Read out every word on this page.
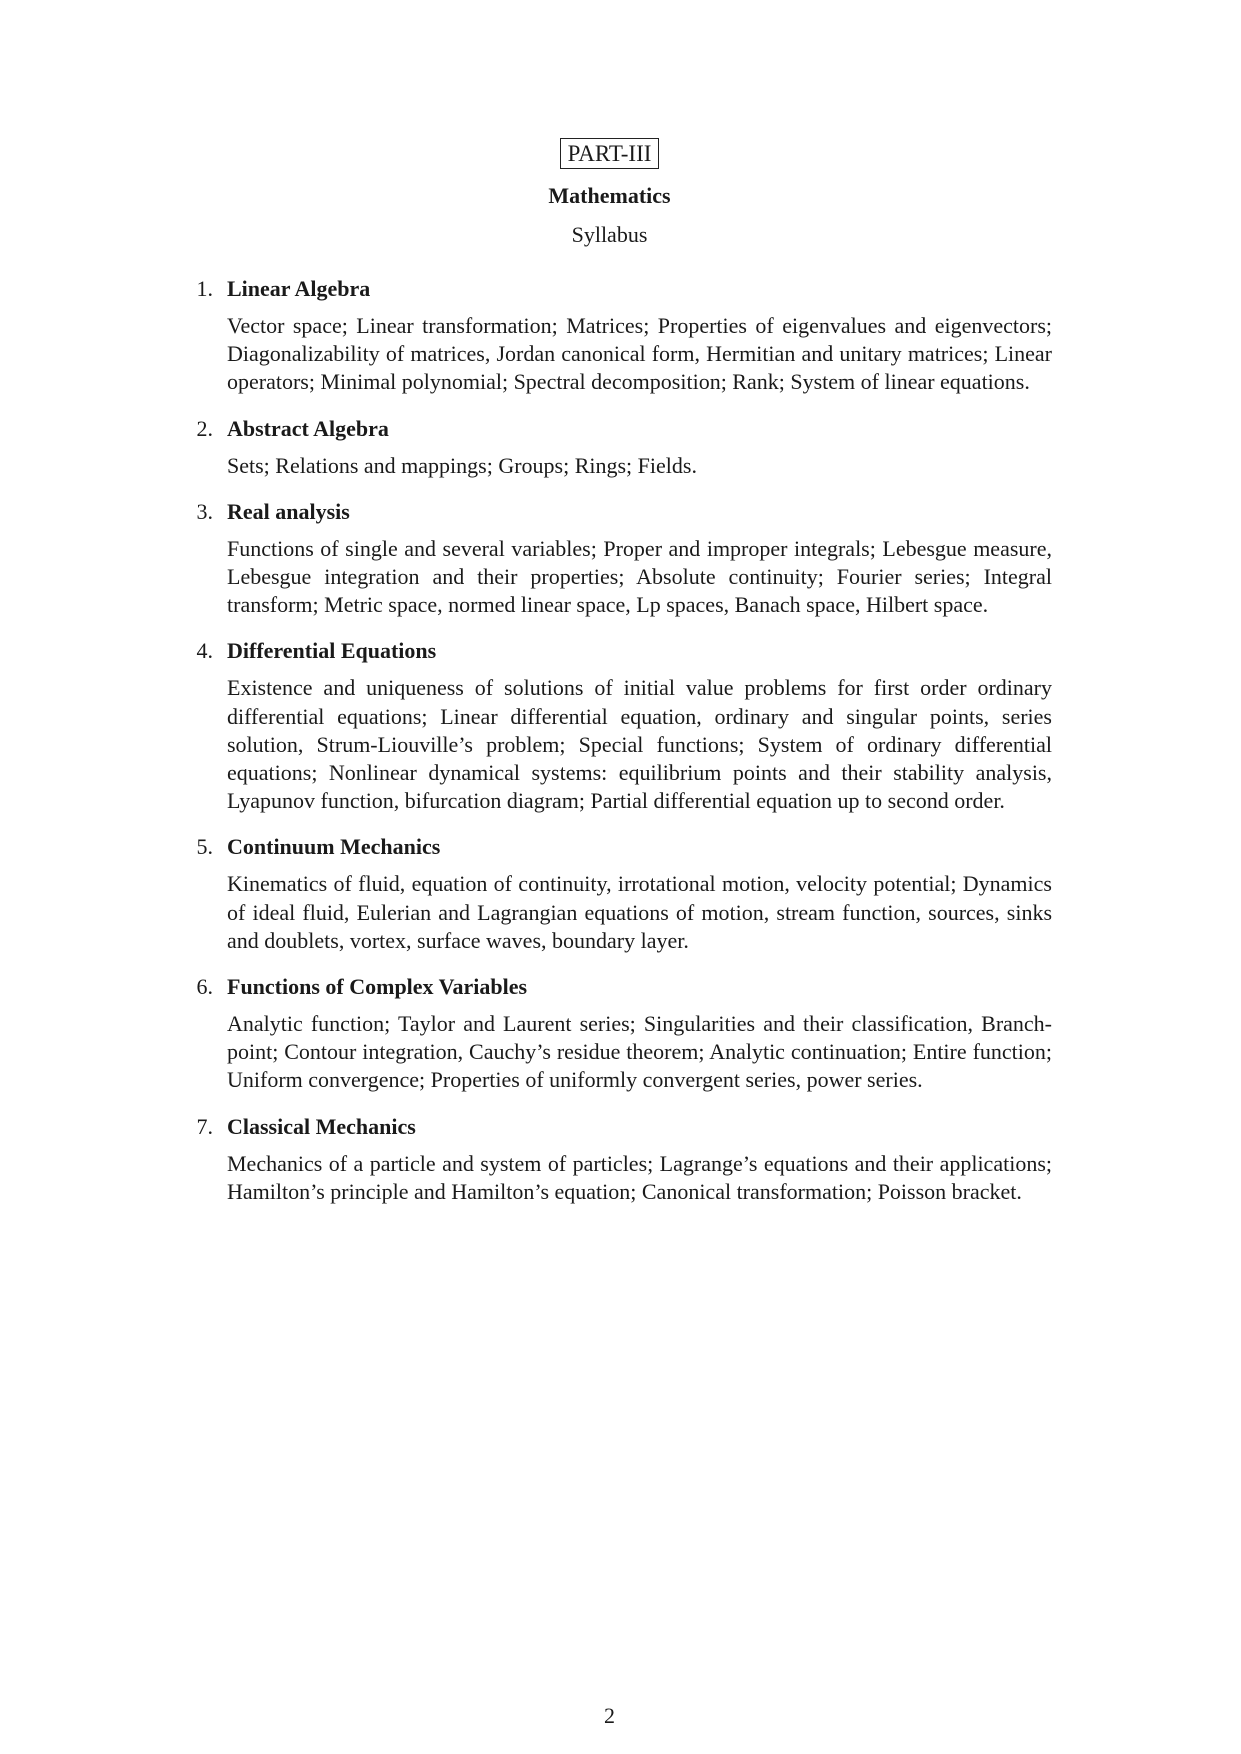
PART-III
Mathematics
Syllabus
1. Linear Algebra
Vector space; Linear transformation; Matrices; Properties of eigenvalues and eigenvectors; Diagonalizability of matrices, Jordan canonical form, Hermitian and unitary matrices; Linear operators; Minimal polynomial; Spectral decomposition; Rank; System of linear equations.
2. Abstract Algebra
Sets; Relations and mappings; Groups; Rings; Fields.
3. Real analysis
Functions of single and several variables; Proper and improper integrals; Lebesgue measure, Lebesgue integration and their properties; Absolute continuity; Fourier series; Integral transform; Metric space, normed linear space, Lp spaces, Banach space, Hilbert space.
4. Differential Equations
Existence and uniqueness of solutions of initial value problems for first order ordinary differential equations; Linear differential equation, ordinary and singular points, series solution, Strum-Liouville’s problem; Special functions; System of ordinary differential equations; Nonlinear dynamical systems: equilibrium points and their stability analysis, Lyapunov function, bifurcation diagram; Partial differential equation up to second order.
5. Continuum Mechanics
Kinematics of fluid, equation of continuity, irrotational motion, velocity potential; Dynamics of ideal fluid, Eulerian and Lagrangian equations of motion, stream function, sources, sinks and doublets, vortex, surface waves, boundary layer.
6. Functions of Complex Variables
Analytic function; Taylor and Laurent series; Singularities and their classification, Branch-point; Contour integration, Cauchy’s residue theorem; Analytic continuation; Entire function; Uniform convergence; Properties of uniformly convergent series, power series.
7. Classical Mechanics
Mechanics of a particle and system of particles; Lagrange’s equations and their applications; Hamilton’s principle and Hamilton’s equation; Canonical transformation; Poisson bracket.
2
